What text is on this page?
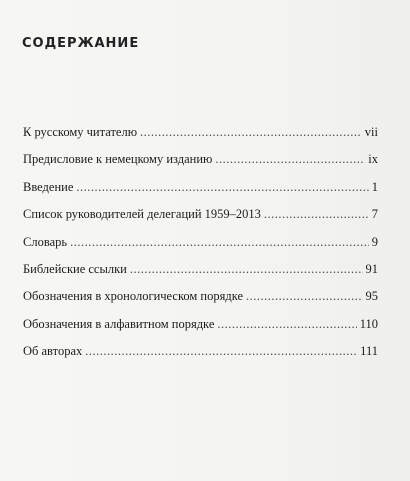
СОДЕРЖАНИЕ
К русскому читателю .....	vii
Предисловие к немецкому изданию .....	ix
Введение .....	1
Список руководителей делегаций 1959–2013 .....	7
Словарь .....	9
Библейские ссылки .....	91
Обозначения в хронологическом порядке .....	95
Обозначения в алфавитном порядке .....	110
Об авторах .....	111
